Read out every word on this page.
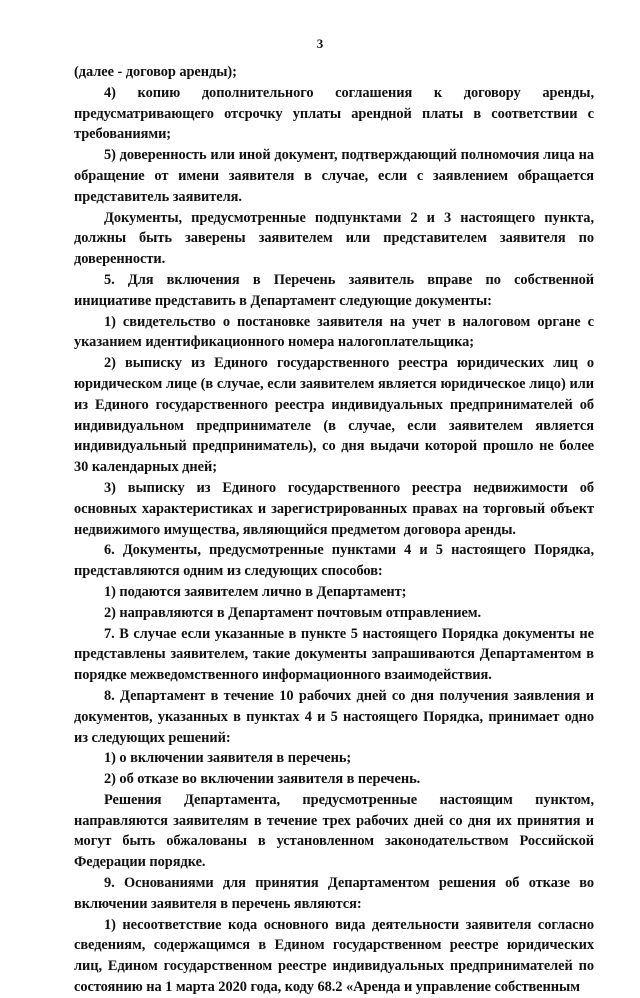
3

(далее - договор аренды);

4) копию дополнительного соглашения к договору аренды, предусматривающего отсрочку уплаты арендной платы в соответствии с требованиями;

5) доверенность или иной документ, подтверждающий полномочия лица на обращение от имени заявителя в случае, если с заявлением обращается представитель заявителя.

Документы, предусмотренные подпунктами 2 и 3 настоящего пункта, должны быть заверены заявителем или представителем заявителя по доверенности.

5. Для включения в Перечень заявитель вправе по собственной инициативе представить в Департамент следующие документы:

1) свидетельство о постановке заявителя на учет в налоговом органе с указанием идентификационного номера налогоплательщика;

2) выписку из Единого государственного реестра юридических лиц о юридическом лице (в случае, если заявителем является юридическое лицо) или из Единого государственного реестра индивидуальных предпринимателей об индивидуальном предпринимателе (в случае, если заявителем является индивидуальный предприниматель), со дня выдачи которой прошло не более 30 календарных дней;

3) выписку из Единого государственного реестра недвижимости об основных характеристиках и зарегистрированных правах на торговый объект недвижимого имущества, являющийся предметом договора аренды.

6. Документы, предусмотренные пунктами 4 и 5 настоящего Порядка, представляются одним из следующих способов:

1) подаются заявителем лично в Департамент;

2) направляются в Департамент почтовым отправлением.

7. В случае если указанные в пункте 5 настоящего Порядка документы не представлены заявителем, такие документы запрашиваются Департаментом в порядке межведомственного информационного взаимодействия.

8. Департамент в течение 10 рабочих дней со дня получения заявления и документов, указанных в пунктах 4 и 5 настоящего Порядка, принимает одно из следующих решений:

1) о включении заявителя в перечень;

2) об отказе во включении заявителя в перечень.

Решения Департамента, предусмотренные настоящим пунктом, направляются заявителям в течение трех рабочих дней со дня их принятия и могут быть обжалованы в установленном законодательством Российской Федерации порядке.

9. Основаниями для принятия Департаментом решения об отказе во включении заявителя в перечень являются:

1) несоответствие кода основного вида деятельности заявителя согласно сведениям, содержащимся в Едином государственном реестре юридических лиц, Едином государственном реестре индивидуальных предпринимателей по состоянию на 1 марта 2020 года, коду 68.2 «Аренда и управление собственным
